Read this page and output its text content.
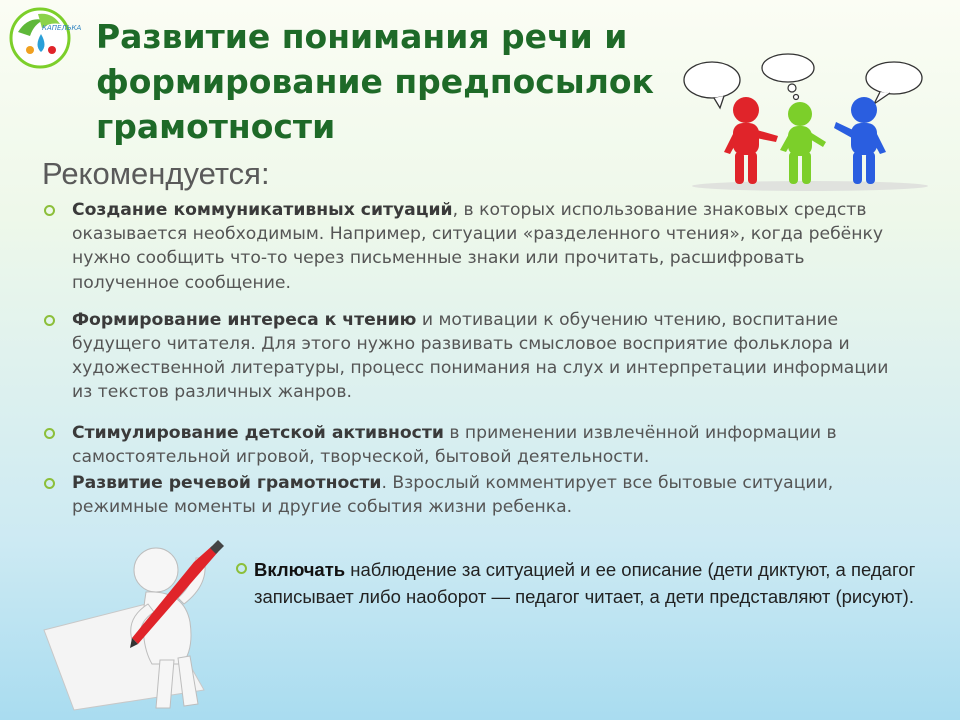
КАПЕЛЬКА Развитие понимания речи и
формирование предпосылок
грамотности
Рекомендуется:
Создание коммуникативных ситуаций, в которых использование знаковых средств оказывается необходимым. Например, ситуации «разделенного чтения», когда ребёнку нужно сообщить что-то через письменные знаки или прочитать, расшифровать полученное сообщение.
Формирование интереса к чтению и мотивации к обучению чтению, воспитание будущего читателя. Для этого нужно развивать смысловое восприятие фольклора и художественной литературы, процесс понимания на слух и интерпретации информации из текстов различных жанров.
Стимулирование детской активности в применении извлечённой информации в самостоятельной игровой, творческой, бытовой деятельности.
Развитие речевой грамотности. Взрослый комментирует все бытовые ситуации, режимные моменты и другие события жизни ребенка.
Включать наблюдение за ситуацией и ее описание (дети диктуют, а педагог записывает либо наоборот — педагог читает, а дети представляют (рисуют).
